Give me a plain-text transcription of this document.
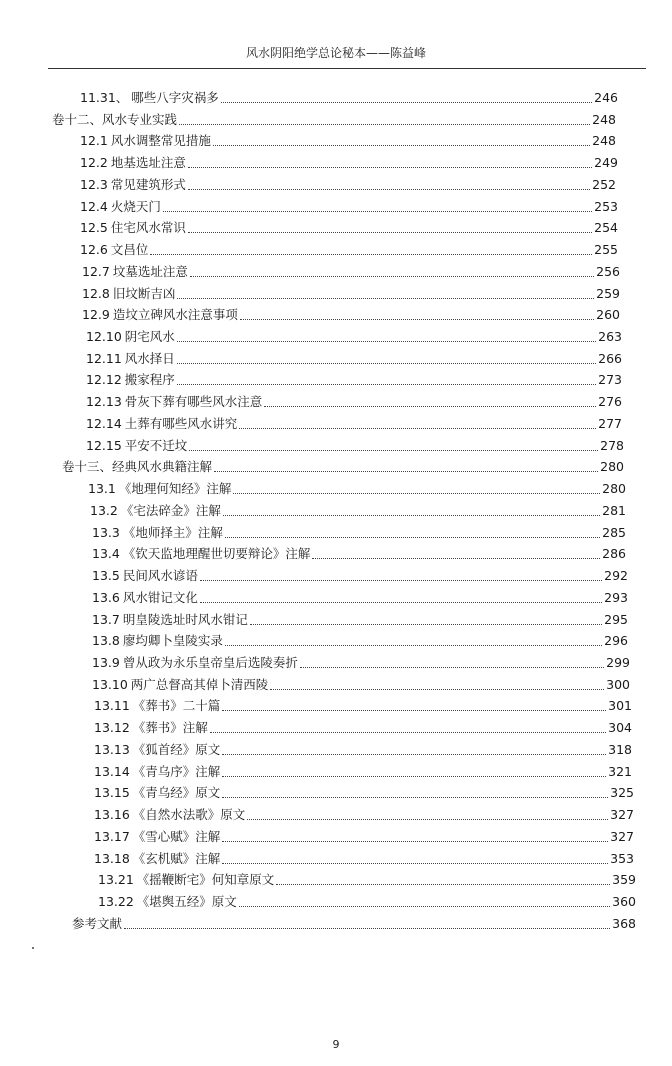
风水阴阳绝学总论秘本——陈益峰
11.31、 哪些八字灾祸多	246
卷十二、风水专业实践	248
12.1 风水调整常见措施	248
12.2 地基选址注意	249
12.3 常见建筑形式	252
12.4 火烧天门	253
12.5 住宅风水常识	254
12.6 文昌位	255
12.7 坟墓选址注意	256
12.8 旧坟断吉凶	259
12.9 造坟立碑风水注意事项	260
12.10 阴宅风水	263
12.11 风水择日	266
12.12 搬家程序	273
12.13 骨灰下葬有哪些风水注意	276
12.14 土葬有哪些风水讲究	277
12.15 平安不迁坟	278
卷十三、经典风水典籍注解	280
13.1 《地理何知经》注解	280
13.2 《宅法碎金》注解	281
13.3 《地师择主》注解	285
13.4 《钦天监地理醒世切要辩论》注解	286
13.5 民间风水谚语	292
13.6 风水钳记文化	293
13.7 明皇陵选址时风水钳记	295
13.8 廖均卿卜皇陵实录	296
13.9 曾从政为永乐皇帝皇后选陵奏折	299
13.10 两广总督高其倬卜清西陵	300
13.11 《葬书》二十篇	301
13.12 《葬书》注解	304
13.13 《狐首经》原文	318
13.14 《青乌序》注解	321
13.15 《青乌经》原文	325
13.16 《自然水法歌》原文	327
13.17 《雪心赋》注解	327
13.18 《玄机赋》注解	353
13.21 《摇鞭断宅》何知章原文	359
13.22 《堪舆五经》原文	360
参考文献	368
9
